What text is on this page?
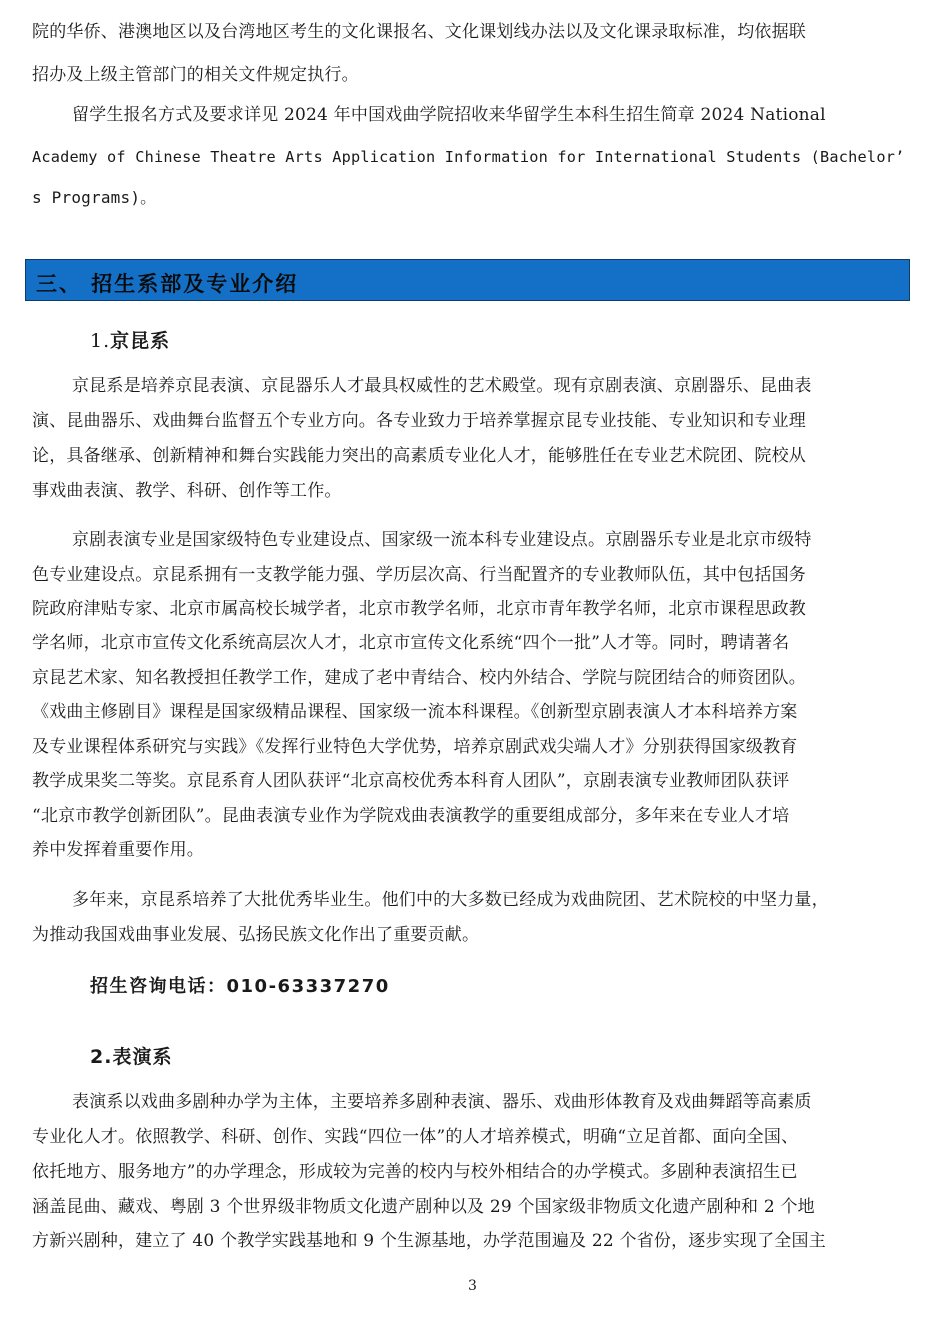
院的华侨、港澳地区以及台湾地区考生的文化课报名、文化课划线办法以及文化课录取标准，均依据联
招办及上级主管部门的相关文件规定执行。
留学生报名方式及要求详见 2024 年中国戏曲学院招收来华留学生本科生招生简章 2024 National
Academy of Chinese Theatre Arts Application Information for International Students (Bachelor’
s Programs)。
三、 招生系部及专业介绍
1.京昆系
京昆系是培养京昆表演、京昆器乐人才最具权威性的艺术殿堂。现有京剧表演、京剧器乐、昆曲表
演、昆曲器乐、戏曲舞台监督五个专业方向。各专业致力于培养掌握京昆专业技能、专业知识和专业理
论，具备继承、创新精神和舞台实践能力突出的高素质专业化人才，能够胜任在专业艺术院团、院校从
事戏曲表演、教学、科研、创作等工作。
京剧表演专业是国家级特色专业建设点、国家级一流本科专业建设点。京剧器乐专业是北京市级特
色专业建设点。京昆系拥有一支教学能力强、学历层次高、行当配置齐的专业教师队伍，其中包括国务
院政府津贴专家、北京市属高校长城学者，北京市教学名师，北京市青年教学名师，北京市课程思政教
学名师，北京市宣传文化系统高层次人才，北京市宣传文化系统“四个一批”人才等。同时，聘请著名
京昆艺术家、知名教授担任教学工作，建成了老中青结合、校内外结合、学院与院团结合的师资团队。
《戏曲主修剧目》课程是国家级精品课程、国家级一流本科课程。《创新型京剧表演人才本科培养方案
及专业课程体系研究与实践》《发挥行业特色大学优势，培养京剧武戏尖端人才》分别获得国家级教育
教学成果奖二等奖。京昆系育人团队获评“北京高校优秀本科育人团队”，京剧表演专业教师团队获评
“北京市教学创新团队”。昆曲表演专业作为学院戏曲表演教学的重要组成部分，多年来在专业人才培
养中发挥着重要作用。
多年来，京昆系培养了大批优秀毕业生。他们中的大多数已经成为戏曲院团、艺术院校的中坚力量，
为推动我国戏曲事业发展、弘扬民族文化作出了重要贡献。
招生咨询电话：010-63337270
2.表演系
表演系以戏曲多剧种办学为主体，主要培养多剧种表演、器乐、戏曲形体教育及戏曲舞蹈等高素质
专业化人才。依照教学、科研、创作、实践“四位一体”的人才培养模式，明确“立足首都、面向全国、
依托地方、服务地方”的办学理念，形成较为完善的校内与校外相结合的办学模式。多剧种表演招生已
涵盖昆曲、藏戏、粤剧 3 个世界级非物质文化遗产剧种以及 29 个国家级非物质文化遗产剧种和 2 个地
方新兴剧种，建立了 40 个教学实践基地和 9 个生源基地，办学范围遍及 22 个省份，逐步实现了全国主
3
